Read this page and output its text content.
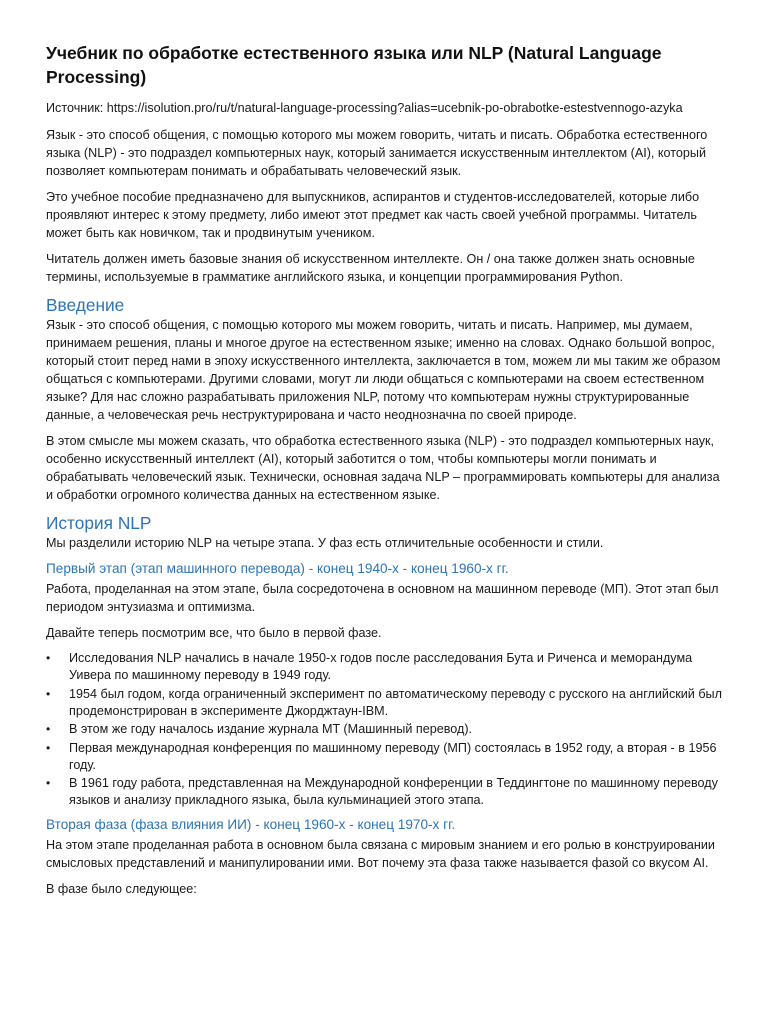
Учебник по обработке естественного языка или NLP (Natural Language Processing)

Источник: https://isolution.pro/ru/t/natural-language-processing?alias=ucebnik-po-obrabotke-estestvennogo-azyka

Язык - это способ общения, с помощью которого мы можем говорить, читать и писать. Обработка естественного языка (NLP) - это подраздел компьютерных наук, который занимается искусственным интеллектом (AI), который позволяет компьютерам понимать и обрабатывать человеческий язык.

Это учебное пособие предназначено для выпускников, аспирантов и студентов-исследователей, которые либо проявляют интерес к этому предмету, либо имеют этот предмет как часть своей учебной программы. Читатель может быть как новичком, так и продвинутым учеником.

Читатель должен иметь базовые знания об искусственном интеллекте. Он / она также должен знать основные термины, используемые в грамматике английского языка, и концепции программирования Python.

Введение

Язык - это способ общения, с помощью которого мы можем говорить, читать и писать. Например, мы думаем, принимаем решения, планы и многое другое на естественном языке; именно на словах. Однако большой вопрос, который стоит перед нами в эпоху искусственного интеллекта, заключается в том, можем ли мы таким же образом общаться с компьютерами. Другими словами, могут ли люди общаться с компьютерами на своем естественном языке? Для нас сложно разрабатывать приложения NLP, потому что компьютерам нужны структурированные данные, а человеческая речь неструктурирована и часто неоднозначна по своей природе.

В этом смысле мы можем сказать, что обработка естественного языка (NLP) - это подраздел компьютерных наук, особенно искусственный интеллект (AI), который заботится о том, чтобы компьютеры могли понимать и обрабатывать человеческий язык. Технически, основная задача NLP – программировать компьютеры для анализа и обработки огромного количества данных на естественном языке.

История NLP

Мы разделили историю NLP на четыре этапа. У фаз есть отличительные особенности и стили.

Первый этап (этап машинного перевода) - конец 1940-х - конец 1960-х гг.

Работа, проделанная на этом этапе, была сосредоточена в основном на машинном переводе (МП). Этот этап был периодом энтузиазма и оптимизма.

Давайте теперь посмотрим все, что было в первой фазе.

• Исследования NLP начались в начале 1950-х годов после расследования Бута и Риченса и меморандума Уивера по машинному переводу в 1949 году.
• 1954 был годом, когда ограниченный эксперимент по автоматическому переводу с русского на английский был продемонстрирован в эксперименте Джорджтаун-IBM.
• В этом же году началось издание журнала MT (Машинный перевод).
• Первая международная конференция по машинному переводу (МП) состоялась в 1952 году, а вторая - в 1956 году.
• В 1961 году работа, представленная на Международной конференции в Теддингтоне по машинному переводу языков и анализу прикладного языка, была кульминацией этого этапа.
Вторая фаза (фаза влияния ИИ) - конец 1960-х - конец 1970-х гг.

На этом этапе проделанная работа в основном была связана с мировым знанием и его ролью в конструировании смысловых представлений и манипулировании ими. Вот почему эта фаза также называется фазой со вкусом AI.

В фазе было следующее:
